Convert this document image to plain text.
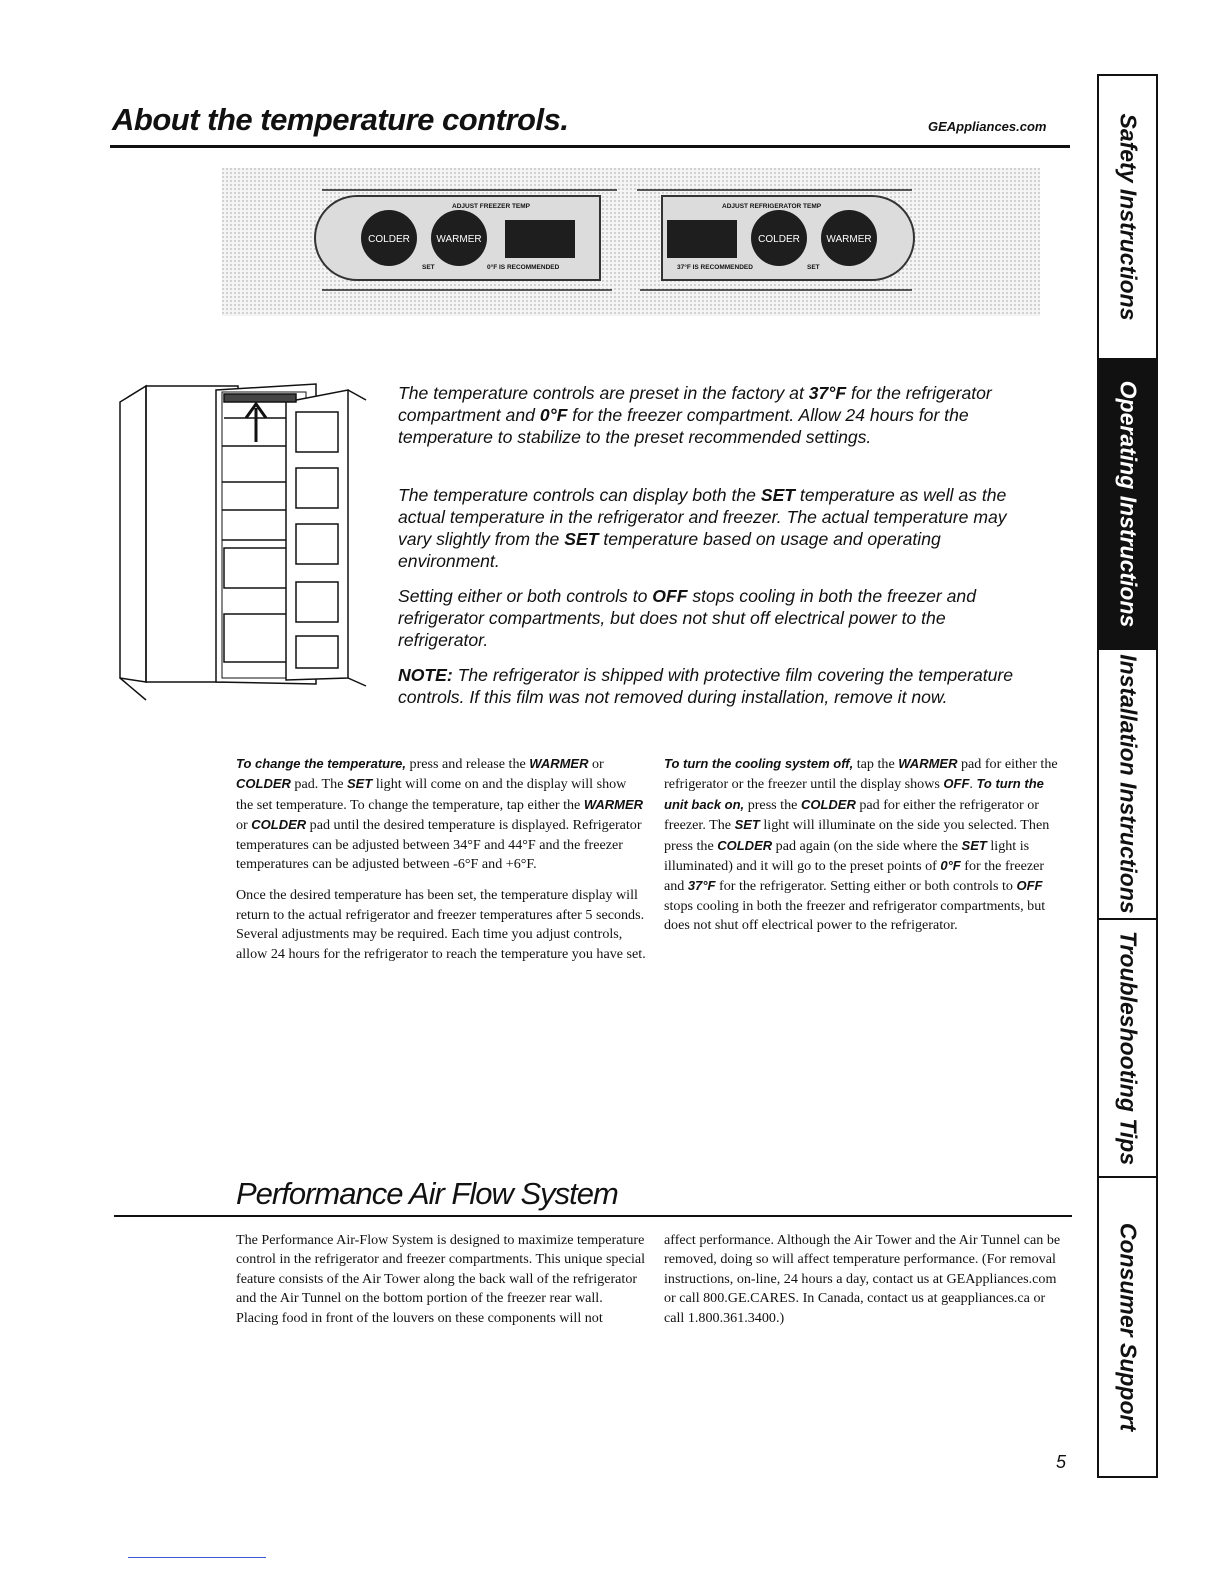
About the temperature controls.	GEAppliances.com
COLDER	WARMER	COLDER	WARMER
ADJUST FREEZER TEMP	ADJUST REFRIGERATOR TEMP
SET	0°F IS RECOMMENDED	37°F IS RECOMMENDED	SET

The temperature controls are preset in the factory at 37°F for the refrigerator compartment and 0°F for the freezer compartment. Allow 24 hours for the temperature to stabilize to the preset recommended settings.

The temperature controls can display both the SET temperature as well as the actual temperature in the refrigerator and freezer. The actual temperature may vary slightly from the SET temperature based on usage and operating environment.

Setting either or both controls to OFF stops cooling in both the freezer and refrigerator compartments, but does not shut off electrical power to the refrigerator.

NOTE: The refrigerator is shipped with protective film covering the temperature controls. If this film was not removed during installation, remove it now.

To change the temperature, press and release the WARMER or COLDER pad. The SET light will come on and the display will show the set temperature. To change the temperature, tap either the WARMER or COLDER pad until the desired temperature is displayed. Refrigerator temperatures can be adjusted between 34°F and 44°F and the freezer temperatures can be adjusted between -6°F and +6°F.

Once the desired temperature has been set, the temperature display will return to the actual refrigerator and freezer temperatures after 5 seconds. Several adjustments may be required. Each time you adjust controls, allow 24 hours for the refrigerator to reach the temperature you have set.

To turn the cooling system off, tap the WARMER pad for either the refrigerator or the freezer until the display shows OFF. To turn the unit back on, press the COLDER pad for either the refrigerator or freezer. The SET light will illuminate on the side you selected. Then press the COLDER pad again (on the side where the SET light is illuminated) and it will go to the preset points of 0°F for the freezer and 37°F for the refrigerator. Setting either or both controls to OFF stops cooling in both the freezer and refrigerator compartments, but does not shut off electrical power to the refrigerator.

Performance Air Flow System

The Performance Air-Flow System is designed to maximize temperature control in the refrigerator and freezer compartments. This unique special feature consists of the Air Tower along the back wall of the refrigerator and the Air Tunnel on the bottom portion of the freezer rear wall. Placing food in front of the louvers on these components will not

affect performance. Although the Air Tower and the Air Tunnel can be removed, doing so will affect temperature performance. (For removal instructions, on-line, 24 hours a day, contact us at GEAppliances.com or call 800.GE.CARES. In Canada, contact us at geappliances.ca or call 1.800.361.3400.)

5
Safety Instructions
Operating Instructions
Installation Instructions
Troubleshooting Tips
Consumer Support
